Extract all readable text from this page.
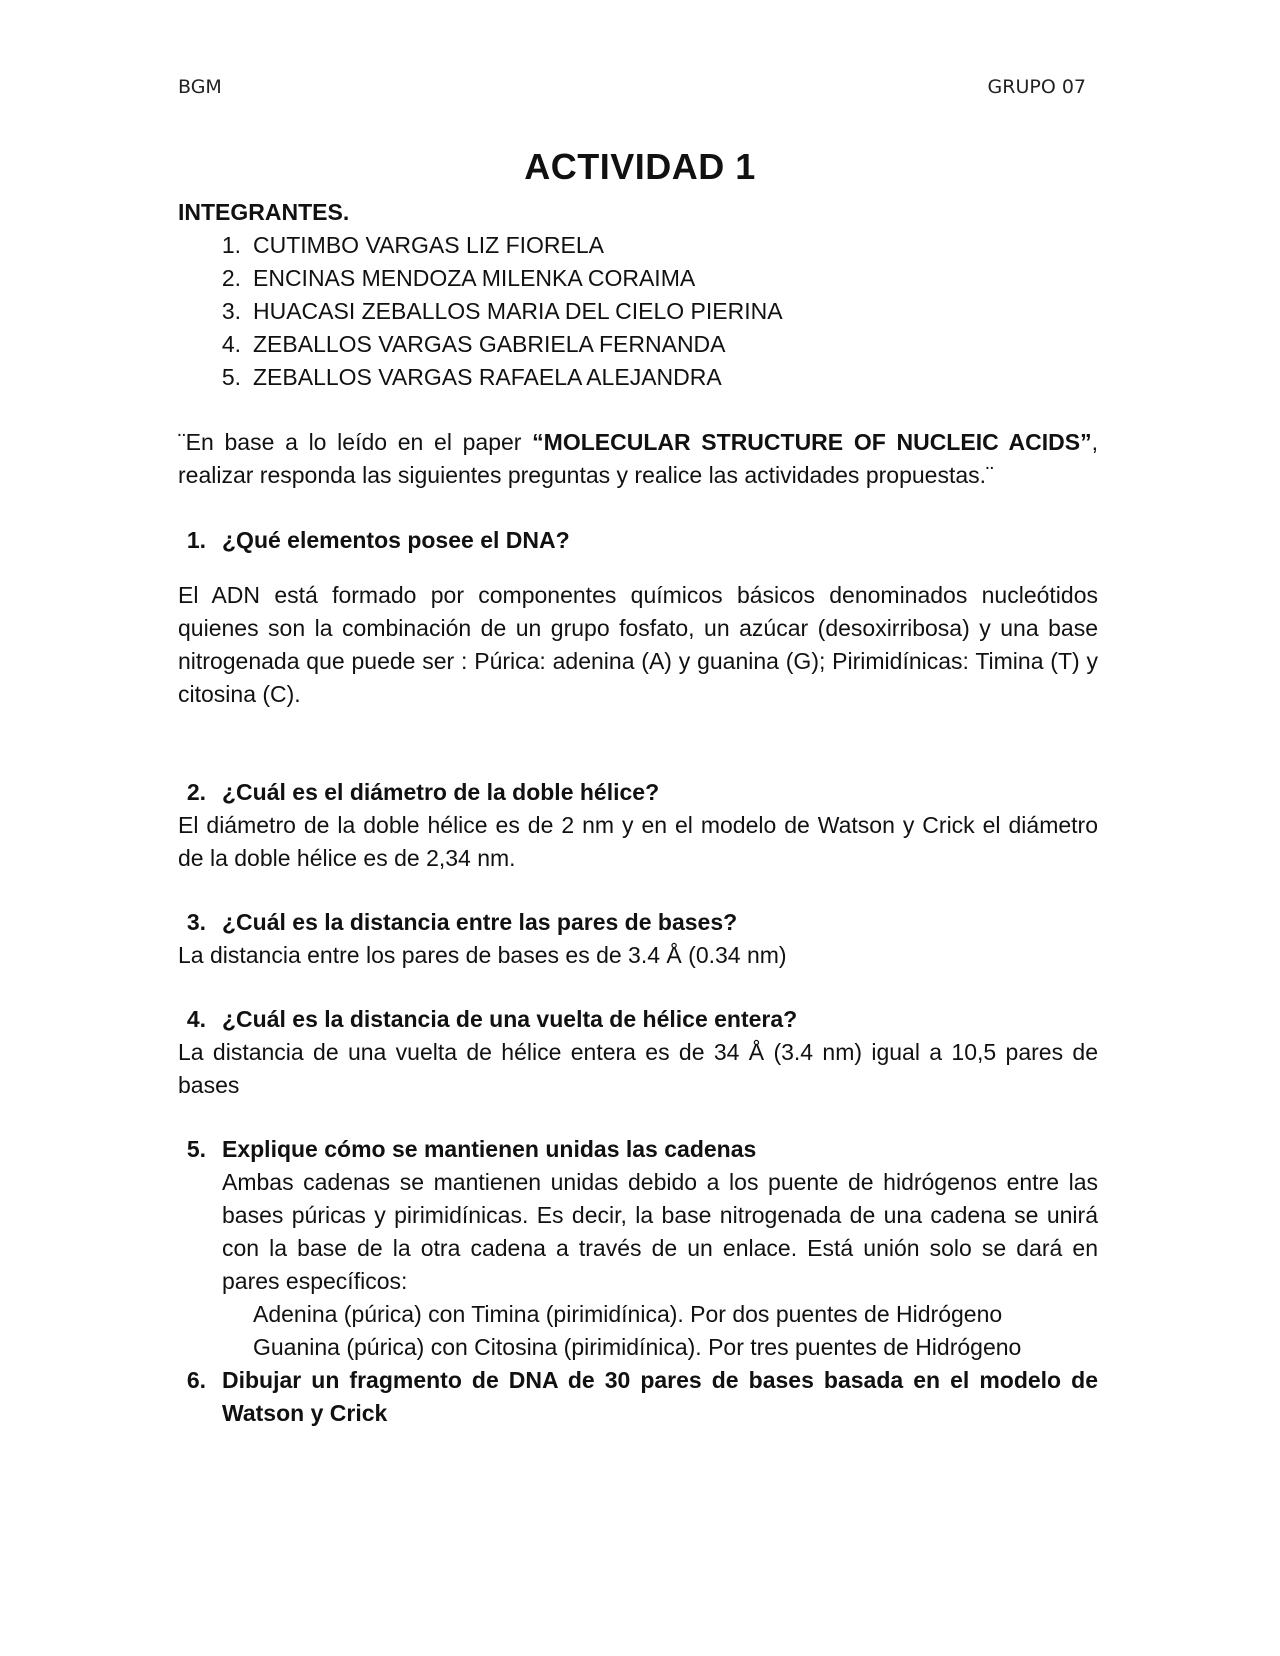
BGM	GRUPO 07
ACTIVIDAD 1

INTEGRANTES.

1. CUTIMBO VARGAS LIZ FIORELA
2. ENCINAS MENDOZA MILENKA CORAIMA
3. HUACASI ZEBALLOS MARIA DEL CIELO PIERINA
4. ZEBALLOS VARGAS GABRIELA FERNANDA
5. ZEBALLOS VARGAS RAFAELA ALEJANDRA

¨En base a lo leído en el paper “MOLECULAR STRUCTURE OF NUCLEIC ACIDS”, realizar responda las siguientes preguntas y realice las actividades propuestas.¨

1. ¿Qué elementos posee el DNA?
El ADN está formado por componentes químicos básicos denominados nucleótidos quienes son la combinación de un grupo fosfato, un azúcar (desoxirribosa) y una base nitrogenada que puede ser : Púrica: adenina (A) y guanina (G); Pirimidínicas: Timina (T) y citosina (C).
2. ¿Cuál es el diámetro de la doble hélice?
El diámetro de la doble hélice es de 2 nm y en el modelo de Watson y Crick el diámetro de la doble hélice es de 2,34 nm.
3. ¿Cuál es la distancia entre las pares de bases?
La distancia entre los pares de bases es de 3.4 Å (0.34 nm)
4. ¿Cuál es la distancia de una vuelta de hélice entera?
La distancia de una vuelta de hélice entera es de 34 Å (3.4 nm) igual a 10,5 pares de bases
5. Explique cómo se mantienen unidas las cadenas
Ambas cadenas se mantienen unidas debido a los puente de hidrógenos entre las bases púricas y pirimidínicas. Es decir, la base nitrogenada de una cadena se unirá con la base de la otra cadena a través de un enlace. Está unión solo se dará en pares específicos:
Adenina (púrica) con Timina (pirimidínica). Por dos puentes de Hidrógeno
Guanina (púrica) con Citosina (pirimidínica). Por tres puentes de Hidrógeno
6. Dibujar un fragmento de DNA de 30 pares de bases basada en el modelo de Watson y Crick
